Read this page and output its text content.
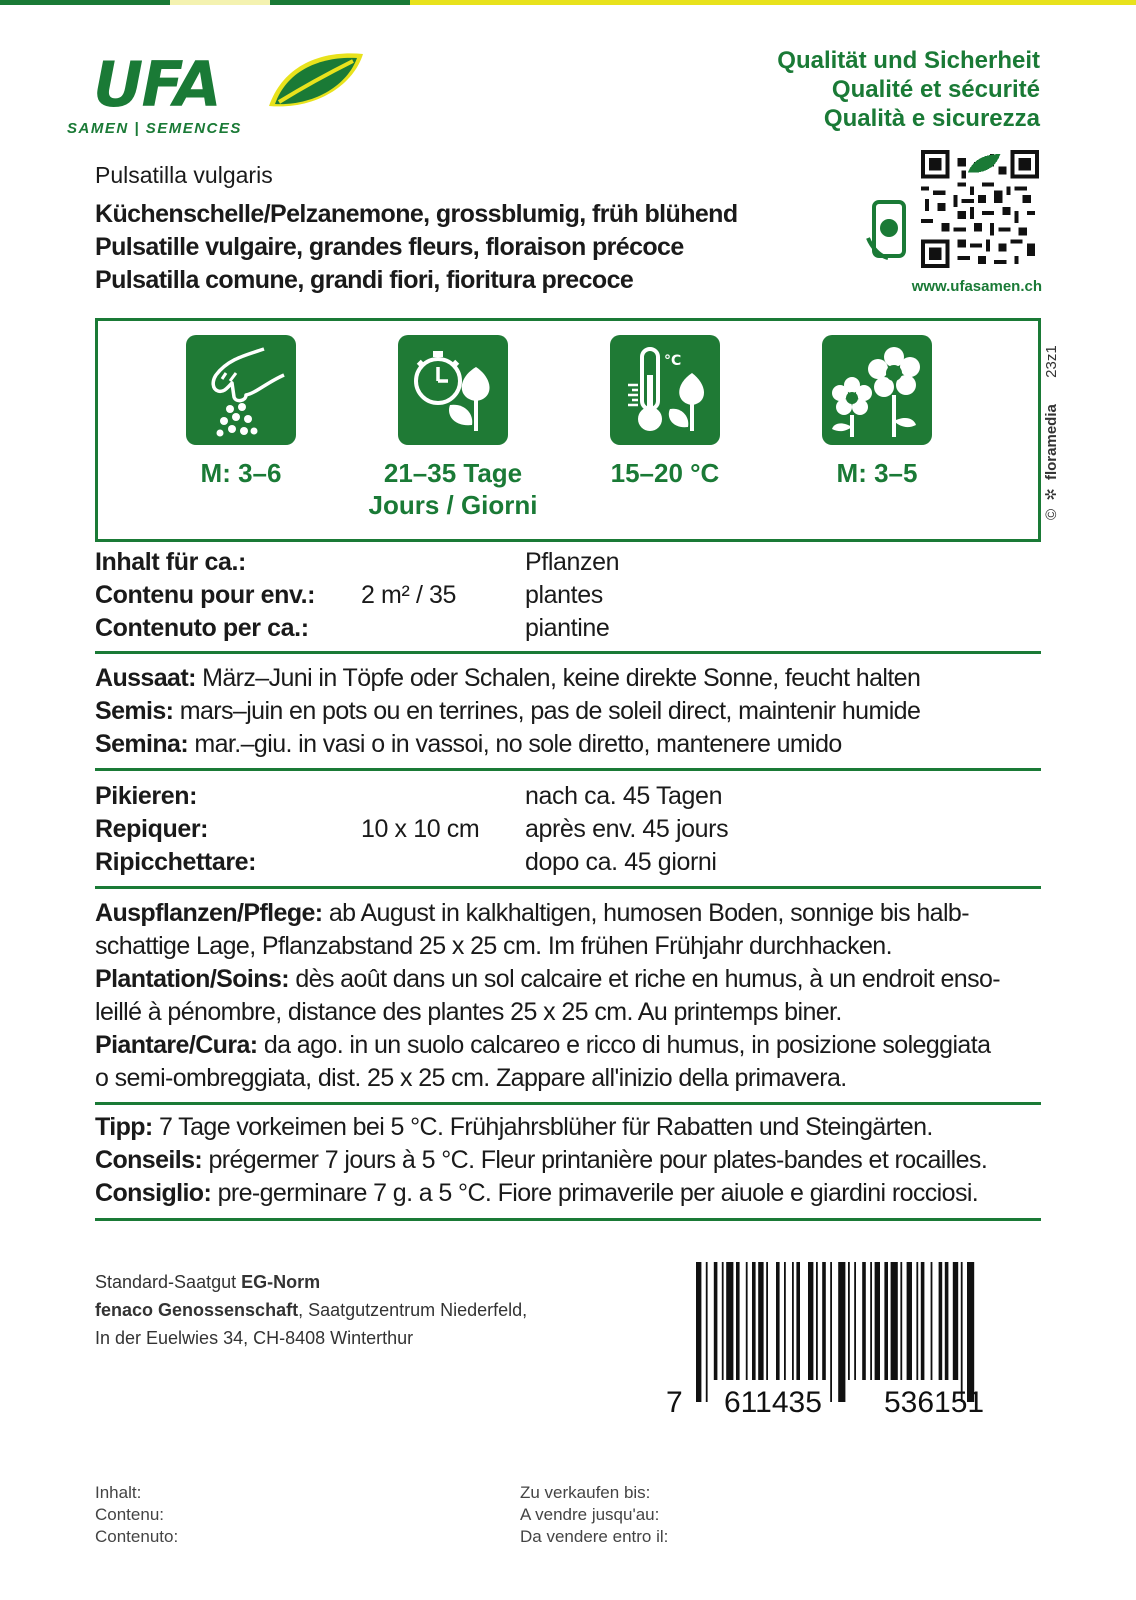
UFA
SAMEN | SEMENCES
Qualität und Sicherheit
Qualité et sécurité
Qualità e sicurezza
www.ufasamen.ch
Pulsatilla vulgaris
Küchenschelle/Pelzanemone, grossblumig, früh blühend
Pulsatille vulgaire, grandes fleurs, floraison précoce
Pulsatilla comune, grandi fiori, fioritura precoce
© ✲ floramedia  23z1
M: 3–6	21–35 Tage
Jours / Giorni
°C
15–20 °C	M: 3–5
Inhalt für ca.:
Contenu pour env.:
Contenuto per ca.:
2 m² / 35
Pflanzen
plantes
piantine
Aussaat: März–Juni in Töpfe oder Schalen, keine direkte Sonne, feucht halten
Semis: mars–juin en pots ou en terrines, pas de soleil direct, maintenir humide
Semina: mar.–giu. in vasi o in vassoi, no sole diretto, mantenere umido
Pikieren:
Repiquer:
Ripicchettare:
10 x 10 cm
nach ca. 45 Tagen
après env. 45 jours
dopo ca. 45 giorni
Auspflanzen/Pflege: ab August in kalkhaltigen, humosen Boden, sonnige bis halb-
schattige Lage, Pflanzabstand 25 x 25 cm. Im frühen Frühjahr durchhacken.
Plantation/Soins: dès août dans un sol calcaire et riche en humus, à un endroit enso-
leillé à pénombre, distance des plantes 25 x 25 cm. Au printemps biner.
Piantare/Cura: da ago. in un suolo calcareo e ricco di humus, in posizione soleggiata
o semi-ombreggiata, dist. 25 x 25 cm. Zappare all'inizio della primavera.
Tipp: 7 Tage vorkeimen bei 5 °C. Frühjahrsblüher für Rabatten und Steingärten.
Conseils: prégermer 7 jours à 5 °C. Fleur printanière pour plates-bandes et rocailles.
Consiglio: pre-germinare 7 g. a 5 °C. Fiore primaverile per aiuole e giardini rocciosi.
Standard-Saatgut EG-Norm
fenaco Genossenschaft, Saatgutzentrum Niederfeld,
In der Euelwies 34, CH-8408 Winterthur
7 611435 536151
Inhalt:
Contenu:
Contenuto:
Zu verkaufen bis:
A vendre jusqu'au:
Da vendere entro il:
